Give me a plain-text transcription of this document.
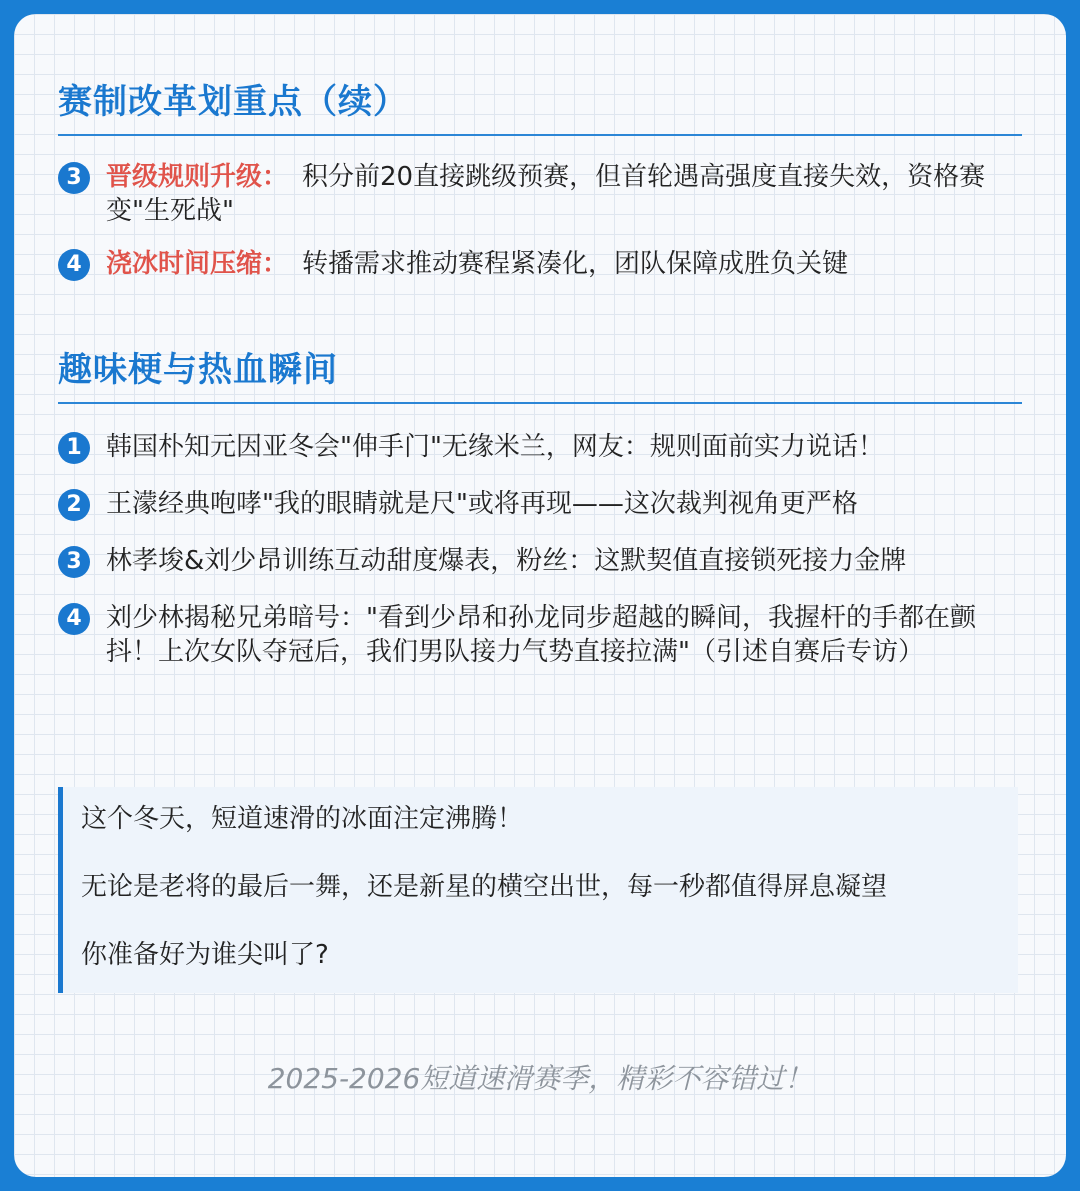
赛制改革划重点（续）
3 晋级规则升级： 积分前20直接跳级预赛，但首轮遇高强度直接失效，资格赛变"生死战"
4 浇冰时间压缩： 转播需求推动赛程紧凑化，团队保障成胜负关键
趣味梗与热血瞬间
1 韩国朴知元因亚冬会"伸手门"无缘米兰，网友：规则面前实力说话！
2 王濛经典咆哮"我的眼睛就是尺"或将再现——这次裁判视角更严格
3 林孝埈&刘少昂训练互动甜度爆表，粉丝：这默契值直接锁死接力金牌
4 刘少林揭秘兄弟暗号："看到少昂和孙龙同步超越的瞬间，我握杆的手都在颤抖！上次女队夺冠后，我们男队接力气势直接拉满"（引述自赛后专访）

这个冬天，短道速滑的冰面注定沸腾！

无论是老将的最后一舞，还是新星的横空出世，每一秒都值得屏息凝望

你准备好为谁尖叫了?

2025-2026短道速滑赛季，精彩不容错过！
